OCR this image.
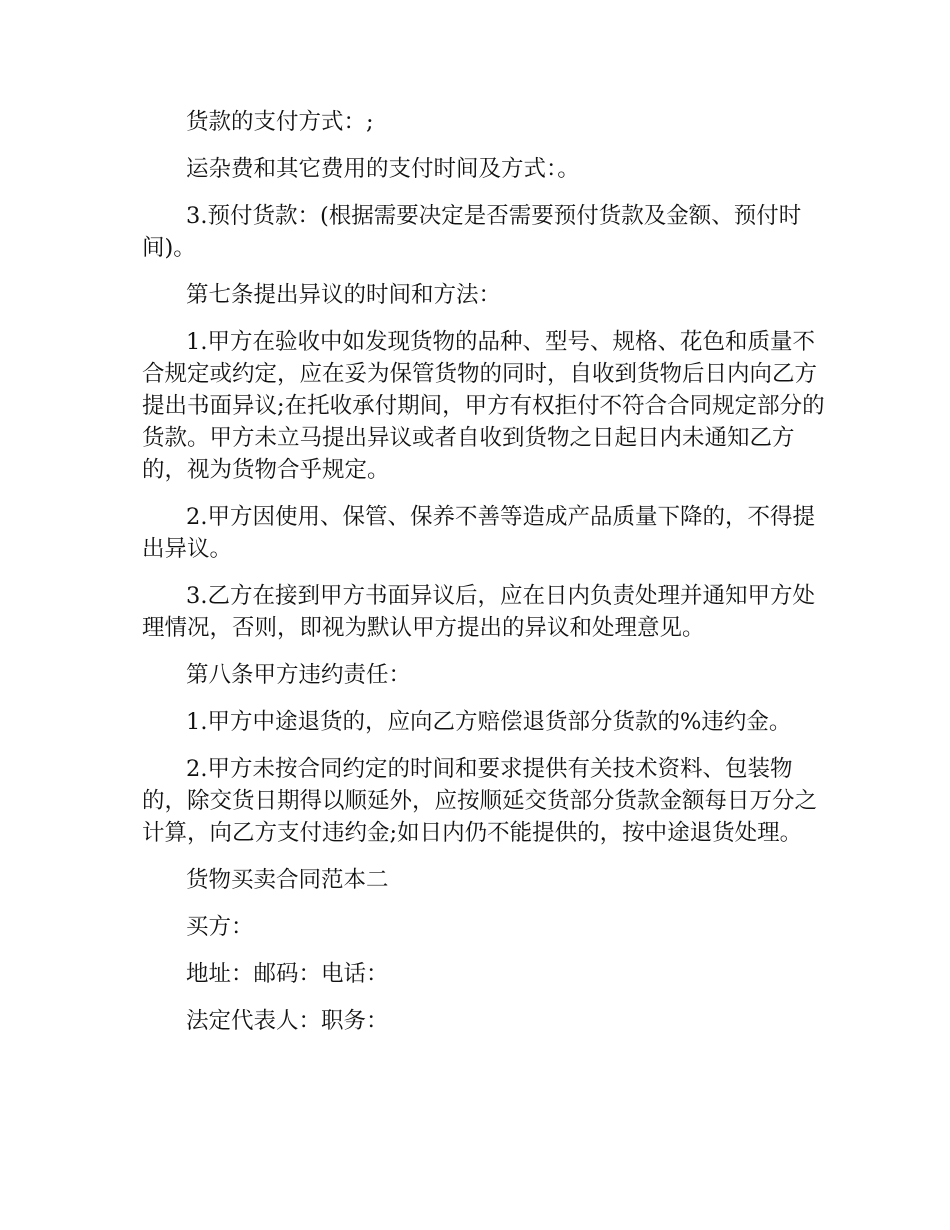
货款的支付方式：;

运杂费和其它费用的支付时间及方式：。

3.预付货款：(根据需要决定是否需要预付货款及金额、预付时间)。

第七条提出异议的时间和方法：

1.甲方在验收中如发现货物的品种、型号、规格、花色和质量不合规定或约定，应在妥为保管货物的同时，自收到货物后日内向乙方提出书面异议;在托收承付期间，甲方有权拒付不符合合同规定部分的货款。甲方未立马提出异议或者自收到货物之日起日内未通知乙方的，视为货物合乎规定。

2.甲方因使用、保管、保养不善等造成产品质量下降的，不得提出异议。

3.乙方在接到甲方书面异议后，应在日内负责处理并通知甲方处理情况，否则，即视为默认甲方提出的异议和处理意见。

第八条甲方违约责任：

1.甲方中途退货的，应向乙方赔偿退货部分货款的%违约金。

2.甲方未按合同约定的时间和要求提供有关技术资料、包装物的，除交货日期得以顺延外，应按顺延交货部分货款金额每日万分之计算，向乙方支付违约金;如日内仍不能提供的，按中途退货处理。

货物买卖合同范本二

买方：

地址：邮码：电话：

法定代表人：职务：
